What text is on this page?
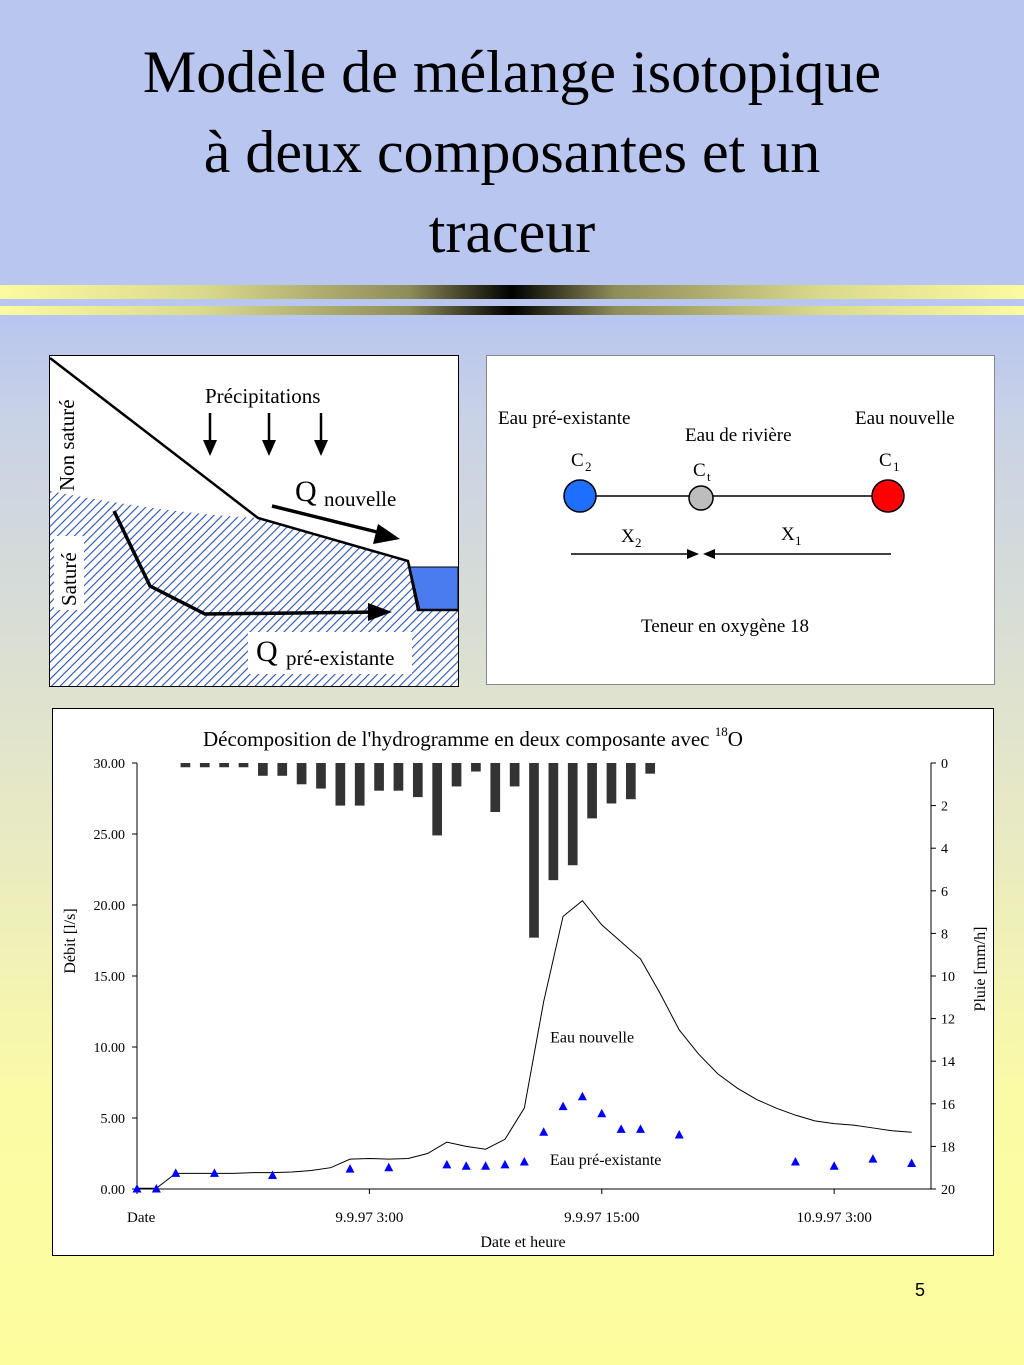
Modèle de mélange isotopique
à deux composantes et un
traceur
Précipitations
Q nouvelle
Q pré-existante
Non saturé
Saturé
Eau pré-existante
Eau de rivière
Eau nouvelle
C 2	C t
C 1
X 2	X 1
Teneur en oxygène 18
Décomposition de l'hydrogramme en deux composante avec $^{18}$O
0.00
5.00
10.00
15.00
20.00
25.00
30.00	0
2
4
6
8
10
12
14
16
18
20
Date	9.9.97 3:00	9.9.97 15:00	10.9.97 3:00
Eau nouvelle
Eau pré-existante
Date et heure
Débit [l/s]	Pluie [mm/h]
5
